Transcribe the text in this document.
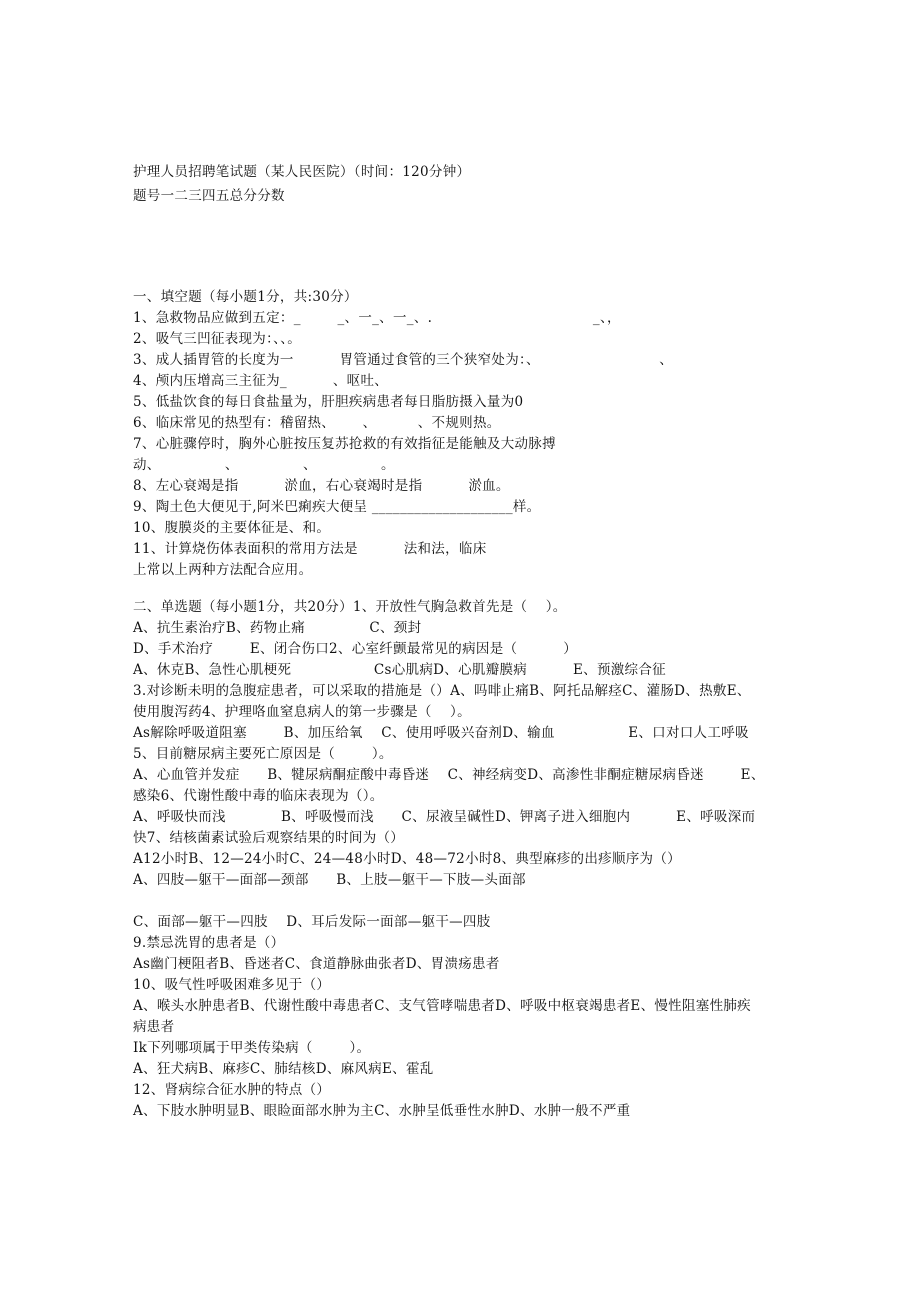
护理人员招聘笔试题（某人民医院）（时间：120分钟）
题号一二三四五总分分数
一、填空题（每小题1分，共:30分）
1、急救物品应做到五定：_        _、一_、一_、.                                   _、，
2、吸气三凹征表现为：、、。
3、成人插胃管的长度为一          胃管通过食管的三个狭窄处为：、                          、
4、颅内压增高三主征为_          、呕吐、
5、低盐饮食的每日食盐量为，肝胆疾病患者每日脂肪摄入量为0
6、临床常见的热型有：稽留热、      、         、不规则热。
7、心脏骤停时，胸外心脏按压复苏抢救的有效指征是能触及大动脉搏
动、              、              、              。
8、左心衰竭是指          淤血，右心衰竭时是指          淤血。
9、陶土色大便见于,阿米巴痢疾大便呈 ____________________样。
10、腹膜炎的主要体征是、和。
11、计算烧伤体表面积的常用方法是          法和法，临床
上常以上两种方法配合应用。
二、单选题（每小题1分，共20分）1、开放性气胸急救首先是（    ）。
A、抗生素治疗B、药物止痛              C、颈封
D、手术治疗        E、闭合伤口2、心室纤颤最常见的病因是（          ）
A、休克B、急性心肌梗死                  Cs心肌病D、心肌瓣膜病          E、预激综合征
3.对诊断未明的急腹症患者，可以采取的措施是（）A、吗啡止痛B、阿托品解痉C、灌肠D、热敷E、
使用腹泻药4、护理咯血窒息病人的第一步骤是（    ）。
As解除呼吸道阻塞        B、加压给氧    C、使用呼吸兴奋剂D、输血                E、口对口人工呼吸
5、目前糖尿病主要死亡原因是（        ）。
A、心血管并发症      B、犍尿病酮症酸中毒昏迷    C、神经病变D、高渗性非酮症糖尿病昏迷        E、
感染6、代谢性酸中毒的临床表现为（）。
A、呼吸快而浅            B、呼吸慢而浅      C、尿液呈碱性D、钾离子进入细胞内          E、呼吸深而
快7、结核菌素试验后观察结果的时间为（）
A12小时B、12—24小时C、24—48小时D、48—72小时8、典型麻疹的出疹顺序为（）
A、四肢—躯干—面部—颈部      B、上肢—躯干—下肢—头面部
C、面部—躯干—四肢    D、耳后发际一面部—躯干—四肢
9.禁忌洗胃的患者是（）
As幽门梗阻者B、昏迷者C、食道静脉曲张者D、胃溃疡患者
10、吸气性呼吸困难多见于（）
A、喉头水肿患者B、代谢性酸中毒患者C、支气管哮喘患者D、呼吸中枢衰竭患者E、慢性阻塞性肺疾
病患者
Ik下列哪项属于甲类传染病（        ）。
A、狂犬病B、麻疹C、肺结核D、麻风病E、霍乱
12、肾病综合征水肿的特点（）
A、下肢水肿明显B、眼睑面部水肿为主C、水肿呈低垂性水肿D、水肿一般不严重
